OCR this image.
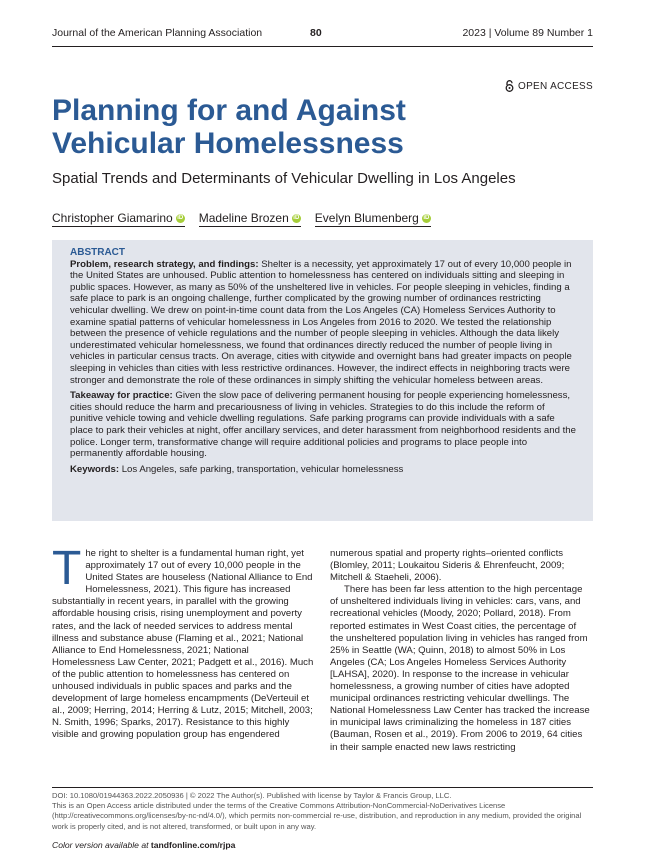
Journal of the American Planning Association	80	2023 | Volume 89 Number 1
OPEN ACCESS
Planning for and Against
Vehicular Homelessness
Spatial Trends and Determinants of Vehicular Dwelling in Los Angeles
Christopher Giamarino iD Madeline Brozen iD Evelyn Blumenberg iD
ABSTRACT

Problem, research strategy, and findings: Shelter is a necessity, yet approximately 17 out of every 10,000 people in the United States are unhoused. Public attention to homelessness has centered on individuals sitting and sleeping in public spaces. However, as many as 50% of the unsheltered live in vehicles. For people sleeping in vehicles, finding a safe place to park is an ongoing challenge, further complicated by the growing number of ordinances restricting vehicular dwelling. We drew on point-in-time count data from the Los Angeles (CA) Homeless Services Authority to examine spatial patterns of vehicular homelessness in Los Angeles from 2016 to 2020. We tested the relationship between the presence of vehicle regulations and the number of people sleeping in vehicles. Although the data likely underestimated vehicular homelessness, we found that ordinances directly reduced the number of people living in vehicles in particular census tracts. On average, cities with citywide and overnight bans had greater impacts on people sleeping in vehicles than cities with less restrictive ordinances. However, the indirect effects in neighboring tracts were stronger and demonstrate the role of these ordinances in simply shifting the vehicular homeless between areas.

Takeaway for practice: Given the slow pace of delivering permanent housing for people experiencing homelessness, cities should reduce the harm and precariousness of living in vehicles. Strategies to do this include the reform of punitive vehicle towing and vehicle dwelling regulations. Safe parking programs can provide individuals with a safe place to park their vehicles at night, offer ancillary services, and deter harassment from neighborhood residents and the police. Longer term, transformative change will require additional policies and programs to place people into permanently affordable housing.

Keywords: Los Angeles, safe parking, transportation, vehicular homelessness

The right to shelter is a fundamental human right, yet approximately 17 out of every 10,000 people in the United States are houseless (National Alliance to End Homelessness, 2021). This figure has increased substantially in recent years, in parallel with the growing affordable housing crisis, rising unemployment and poverty rates, and the lack of needed services to address mental illness and substance abuse (Flaming et al., 2021; National Alliance to End Homelessness, 2021; National Homelessness Law Center, 2021; Padgett et al., 2016). Much of the public attention to homelessness has centered on unhoused individuals in public spaces and parks and the development of large homeless encampments (DeVerteuil et al., 2009; Herring, 2014; Herring & Lutz, 2015; Mitchell, 2003; N. Smith, 1996; Sparks, 2017). Resistance to this highly visible and growing population group has engendered

numerous spatial and property rights–oriented conflicts (Blomley, 2011; Loukaitou Sideris & Ehrenfeucht, 2009; Mitchell & Staeheli, 2006).

There has been far less attention to the high percentage of unsheltered individuals living in vehicles: cars, vans, and recreational vehicles (Moody, 2020; Pollard, 2018). From reported estimates in West Coast cities, the percentage of the unsheltered population living in vehicles has ranged from 25% in Seattle (WA; Quinn, 2018) to almost 50% in Los Angeles (CA; Los Angeles Homeless Services Authority [LAHSA], 2020). In response to the increase in vehicular homelessness, a growing number of cities have adopted municipal ordinances restricting vehicular dwellings. The National Homelessness Law Center has tracked the increase in municipal laws criminalizing the homeless in 187 cities (Bauman, Rosen et al., 2019). From 2006 to 2019, 64 cities in their sample enacted new laws restricting

DOI: 10.1080/01944363.2022.2050936 | © 2022 The Author(s). Published with license by Taylor & Francis Group, LLC.

This is an Open Access article distributed under the terms of the Creative Commons Attribution-NonCommercial-NoDerivatives License (http://creativecommons.org/licenses/by-nc-nd/4.0/), which permits non-commercial re-use, distribution, and reproduction in any medium, provided the original work is properly cited, and is not altered, transformed, or built upon in any way.

Color version available at tandfonline.com/rjpa
